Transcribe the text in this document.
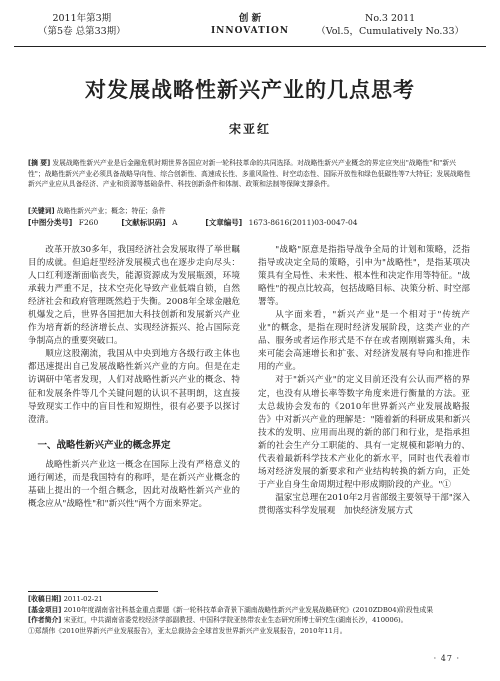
2011年第3期
（第5卷 总第33期）
创 新
INNOVATION
No.3 2011
（Vol.5，Cumulatively No.33）
对发展战略性新兴产业的几点思考
宋亚红
[摘 要] 发展战略性新兴产业是后金融危机时期世界各国应对新一轮科技革命的共同选择。对战略性新兴产业概念的界定应突出"战略性"和"新兴性"；战略性新兴产业必须具备战略导向性、综合创新性、高速成长性、多重风险性、时空动态性、国际开放性和绿色低碳性等7大特征；发展战略性新兴产业应从具备经济、产业和资源等基础条件、科技创新条件和体制、政策和法制等保障支撑条件。
[关键词] 战略性新兴产业；概念；特征；条件
[中图分类号] F260	[文献标识码] A	[文章编号] 1673-8616(2011)03-0047-04

改革开放30多年，我国经济社会发展取得了举世瞩目的成就。但追赶型经济发展模式也在逐步走向尽头：人口红利逐渐面临丧失，能源资源成为发展瓶颈，环境承载力严重不足，技术空壳化导致产业低端自锁，自然经济社会和政府管理既然趋于失衡。2008年全球金融危机爆发之后，世界各国把加大科技创新和发展新兴产业作为培育新的经济增长点、实现经济振兴、抢占国际竞争制高点的重要突破口。

顺应这股潮流，我国从中央到地方各级行政主体也都迅速提出自己发展战略性新兴产业的方向。但是在走访调研中笔者发现，人们对战略性新兴产业的概念、特征和发展条件等几个关键问题的认识不甚明朗，这直接导致现实工作中的盲目性和短期性，很有必要予以探讨澄清。

一、战略性新兴产业的概念界定

战略性新兴产业这一概念在国际上没有严格意义的通行阐述，而是我国特有的称呼，是在新兴产业概念的基础上提出的一个组合概念，因此对战略性新兴产业的概念应从"战略性"和"新兴性"两个方面来界定。

"战略"原意是指指导战争全局的计划和策略，泛指指导或决定全局的策略，引申为"战略性"，是指某项决策具有全局性、未来性、根本性和决定作用等特征。"战略性"的视点比较高，包括战略目标、决策分析、时空部署等。

从字面来看，"新兴产业"是一个相对于"传统产业"的概念，是指在现时经济发展阶段，这类产业的产品、服务或者运作形式是不存在或者刚刚崭露头角，未来可能会高速增长和扩张、对经济发展有导向和推进作用的产业。

对于"新兴产业"的定义目前还没有公认而严格的界定，也没有从增长率等数字角度来进行衡量的方法。亚太总裁协会发布的《2010年世界新兴产业发展战略报告》中对新兴产业的理解是："随着新的科研成果和新兴技术的发明、应用而出现的新的部门和行业，是指承担新的社会生产分工职能的、具有一定规模和影响力的、代表着最新科学技术产业化的新水平，同时也代表着市场对经济发展的新要求和产业结构转换的新方向，正处于产业自身生命周期过程中形成期阶段的产业。"①

温家宝总理在2010年2月省部级主要领导干部"深入贯彻落实科学发展观　加快经济发展方式

[收稿日期] 2011-02-21
[基金项目] 2010年度湖南省社科基金重点课题《新一轮科技革命背景下湖南战略性新兴产业发展战略研究》(2010ZDB04)阶段性成果
[作者简介] 宋亚红，中共湖南省委党校经济学部副教授、中国科学院亚热带农业生态研究所博士研究生(湖南长沙，410006)。
①郑颉伟《2010世界新兴产业发展报告》，亚太总裁协会全球首发世界新兴产业发展报告，2010年11月。
· 47 ·
